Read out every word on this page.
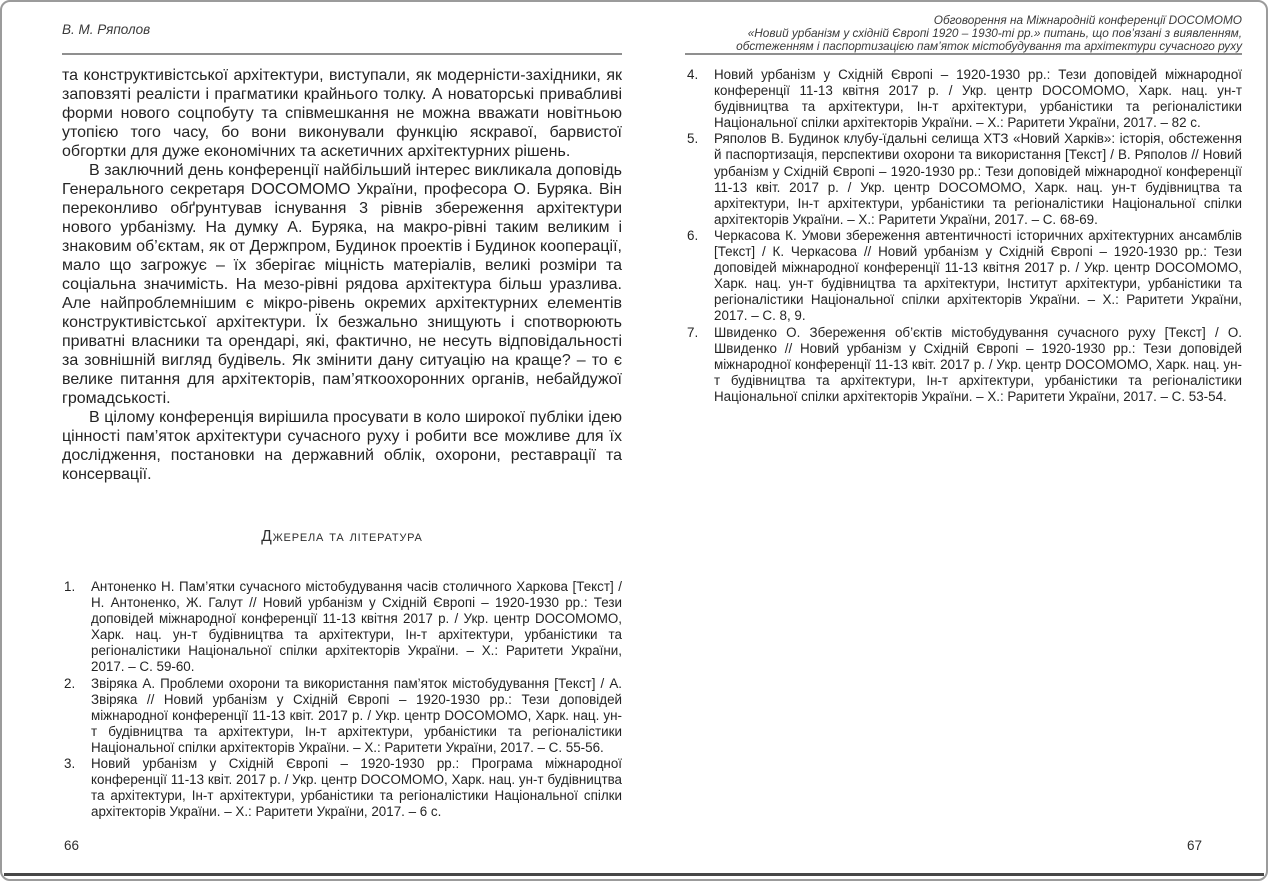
В. М. Ряполов

та конструктивістської архітектури, виступали, як модерністи-західники, як заповзяті реалісти і прагматики крайнього толку. А новаторські привабливі форми нового соцпобуту та співмешкання не можна вважати новітньою утопією того часу, бо вони виконували функцію яскравої, барвистої обгортки для дуже економічних та аскетичних архітектурних рішень.

В заключний день конференції найбільший інтерес викликала доповідь Генерального секретаря DOCOMOMO України, професора О. Буряка. Він переконливо обґрунтував існування 3 рівнів збереження архітектури нового урбанізму. На думку А. Буряка, на макро-рівні таким великим і знаковим об’єктам, як от Держпром, Будинок проектів і Будинок кооперації, мало що загрожує – їх зберігає міцність матеріалів, великі розміри та соціальна значимість. На мезо-рівні рядова архітектура більш уразлива. Але найпроблемнішим є мікро-рівень окремих архітектурних елементів конструктивістської архітектури. Їх безжально знищують і спотворюють приватні власники та орендарі, які, фактично, не несуть відповідальності за зовнішній вигляд будівель. Як змінити дану ситуацію на краще? – то є велике питання для архітекторів, пам’яткоохоронних органів, небайдужої громадськості.

В цілому конференція вирішила просувати в коло широкої публіки ідею цінності пам’яток архітектури сучасного руху і робити все можливе для їх дослідження, постановки на державний облік, охорони, реставрації та консервації.

Джерела та література
1. Антоненко Н. Пам’ятки сучасного містобудування часів столичного Харкова [Текст] / Н. Антоненко, Ж. Галут // Новий урбанізм у Східній Європі – 1920-1930 рр.: Тези доповідей міжнародної конференції 11-13 квітня 2017 р. / Укр. центр DOCOMOMO, Харк. нац. ун-т будівництва та архітектури, Ін-т архітектури, урбаністики та регіоналістики Національної спілки архітекторів України. – Х.: Раритети України, 2017. – С. 59-60.
2. Звіряка А. Проблеми охорони та використання пам’яток містобудування [Текст] / А. Звіряка // Новий урбанізм у Східній Європі – 1920-1930 рр.: Тези доповідей міжнародної конференції 11-13 квіт. 2017 р. / Укр. центр DOCOMOMO, Харк. нац. ун-т будівництва та архітектури, Ін-т архітектури, урбаністики та регіоналістики Національної спілки архітекторів України. – Х.: Раритети України, 2017. – С. 55-56.
3. Новий урбанізм у Східній Європі – 1920-1930 рр.: Програма міжнародної конференції 11-13 квіт. 2017 р. / Укр. центр DOCOMOMO, Харк. нац. ун-т будівництва та архітектури, Ін-т архітектури, урбаністики та регіоналістики Національної спілки архітекторів України. – Х.: Раритети України, 2017. – 6 с.
Обговорення на Міжнародній конференції DOCOMOMO
«Новий урбанізм у східній Європі 1920 – 1930-ті рр.» питань, що пов’язані з виявленням,
обстеженням і паспортизацією пам’яток містобудування та архітектури сучасного руху
4. Новий урбанізм у Східній Європі – 1920-1930 рр.: Тези доповідей міжнародної конференції 11-13 квітня 2017 р. / Укр. центр DOCOMOMO, Харк. нац. ун-т будівництва та архітектури, Ін-т архітектури, урбаністики та регіоналістики Національної спілки архітекторів України. – Х.: Раритети України, 2017. – 82 с.
5. Ряполов В. Будинок клубу-їдальні селища ХТЗ «Новий Харків»: історія, обстеження й паспортизація, перспективи охорони та використання [Текст] / В. Ряполов // Новий урбанізм у Східній Європі – 1920-1930 рр.: Тези доповідей міжнародної конференції 11-13 квіт. 2017 р. / Укр. центр DOCOMOMO, Харк. нац. ун-т будівництва та архітектури, Ін-т архітектури, урбаністики та регіоналістики Національної спілки архітекторів України. – Х.: Раритети України, 2017. – С. 68-69.
6. Черкасова К. Умови збереження автентичності історичних архітектурних ансамблів [Текст] / К. Черкасова // Новий урбанізм у Східній Європі – 1920-1930 рр.: Тези доповідей міжнародної конференції 11-13 квітня 2017 р. / Укр. центр DOCOMOMO, Харк. нац. ун-т будівництва та архітектури, Інститут архітектури, урбаністики та регіоналістики Національної спілки архітекторів України. – Х.: Раритети України, 2017. – С. 8, 9.
7. Швиденко О. Збереження об’єктів містобудування сучасного руху [Текст] / О. Швиденко // Новий урбанізм у Східній Європі – 1920-1930 рр.: Тези доповідей міжнародної конференції 11-13 квіт. 2017 р. / Укр. центр DOCOMOMO, Харк. нац. ун-т будівництва та архітектури, Ін-т архітектури, урбаністики та регіоналістики Національної спілки архітекторів України. – Х.: Раритети України, 2017. – С. 53-54.
66	67
